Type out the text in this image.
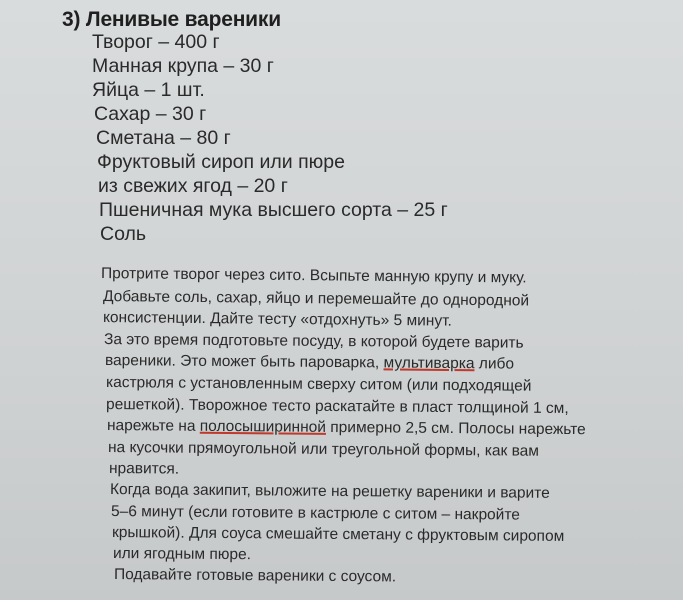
3) Ленивые вареники
Творог – 400 г
Манная крупа – 30 г
Яйца – 1 шт.
Сахар – 30 г
Сметана – 80 г
Фруктовый сироп или пюре
из свежих ягод – 20 г
Пшеничная мука высшего сорта – 25 г
Соль
Протрите творог через сито. Всыпьте манную крупу и муку.
Добавьте соль, сахар, яйцо и перемешайте до однородной
консистенции. Дайте тесту «отдохнуть» 5 минут.
За это время подготовьте посуду, в которой будете варить
вареники. Это может быть пароварка, мультиварка либо
кастрюля с установленным сверху ситом (или подходящей
решеткой). Творожное тесто раскатайте в пласт толщиной 1 см,
нарежьте на полосыширинной примерно 2,5 см. Полосы нарежьте
на кусочки прямоугольной или треугольной формы, как вам
нравится.
Когда вода закипит, выложите на решетку вареники и варите
5–6 минут (если готовите в кастрюле с ситом – накройте
крышкой). Для соуса смешайте сметану с фруктовым сиропом
или ягодным пюре.
Подавайте готовые вареники с соусом.
